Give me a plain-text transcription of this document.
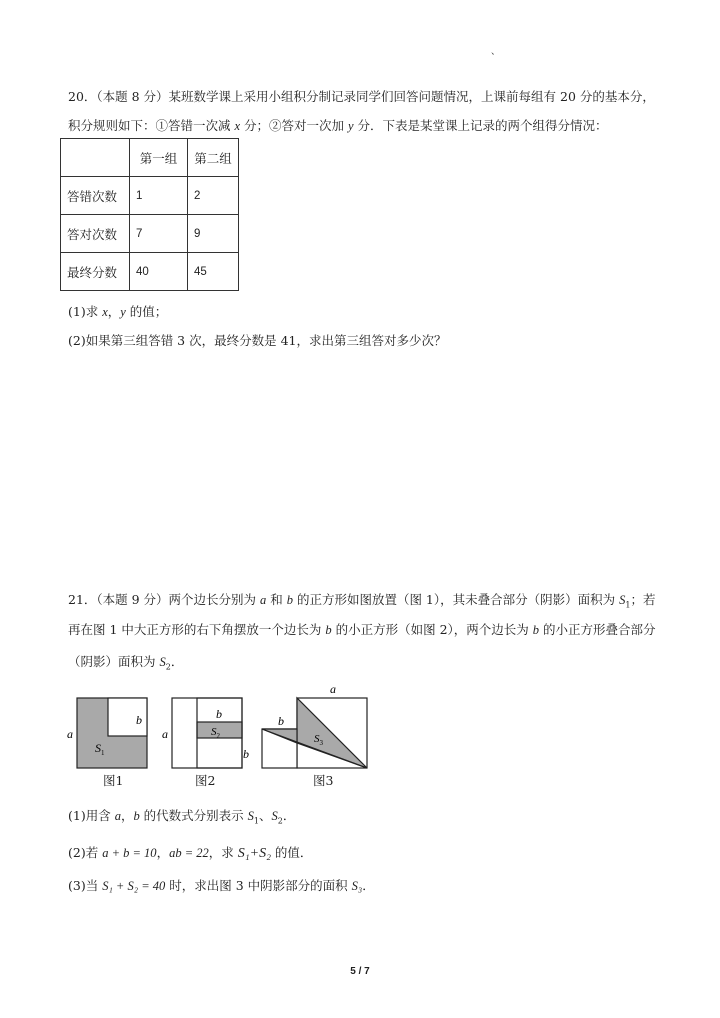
、
20．（本题 8 分）某班数学课上采用小组积分制记录同学们回答问题情况，上课前每组有 20 分的基本分，
积分规则如下：①答错一次减 x 分；②答对一次加 y 分．下表是某堂课上记录的两个组得分情况：
	第一组	第二组
答错次数	1	2
答对次数	7	9
最终分数	40	45
(1)求 x，y 的值；
(2)如果第三组答错 3 次，最终分数是 41，求出第三组答对多少次？
21．（本题 9 分）两个边长分别为 a 和 b 的正方形如图放置（图 1），其未叠合部分（阴影）面积为 $S_1$；若
再在图 1 中大正方形的右下角摆放一个边长为 b 的小正方形（如图 2），两个边长为 b 的小正方形叠合部分
（阴影）面积为 $S_2$．
a
b
$S_1$
a
b
b
$S_2$
a
b
$S_3$
图1	图2	图3
(1)用含 a，b 的代数式分别表示 $S_1$、$S_2$．
(2)若 a + b = 10，ab = 22，求 S₁+S₂ 的值．
(3)当 S₁ + S₂ = 40 时，求出图 3 中阴影部分的面积 S₃．
5 / 7
